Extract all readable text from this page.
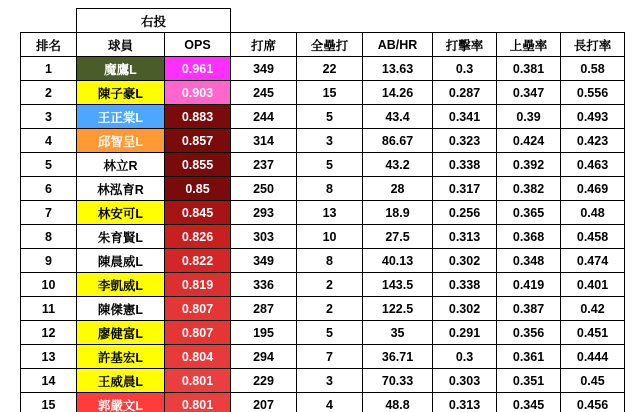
	右投							
排名	球員	OPS	打席	全壘打	AB/HR	打擊率	上壘率	長打率
1	魔鷹L	0.961	349	22	13.63	0.3	0.381	0.58
2	陳子豪L	0.903	245	15	14.26	0.287	0.347	0.556
3	王正棠L	0.883	244	5	43.4	0.341	0.39	0.493
4	邱智呈L	0.857	314	3	86.67	0.323	0.424	0.423
5	林立R	0.855	237	5	43.2	0.338	0.392	0.463
6	林泓育R	0.85	250	8	28	0.317	0.382	0.469
7	林安可L	0.845	293	13	18.9	0.256	0.365	0.48
8	朱育賢L	0.826	303	10	27.5	0.313	0.368	0.458
9	陳晨威L	0.822	349	8	40.13	0.302	0.348	0.474
10	李凱威L	0.819	336	2	143.5	0.338	0.419	0.401
11	陳傑憲L	0.807	287	2	122.5	0.302	0.387	0.42
12	廖健富L	0.807	195	5	35	0.291	0.356	0.451
13	許基宏L	0.804	294	7	36.71	0.3	0.361	0.444
14	王威晨L	0.801	229	3	70.33	0.303	0.351	0.45
15	郭嚴文L	0.801	207	4	48.8	0.313	0.345	0.456
